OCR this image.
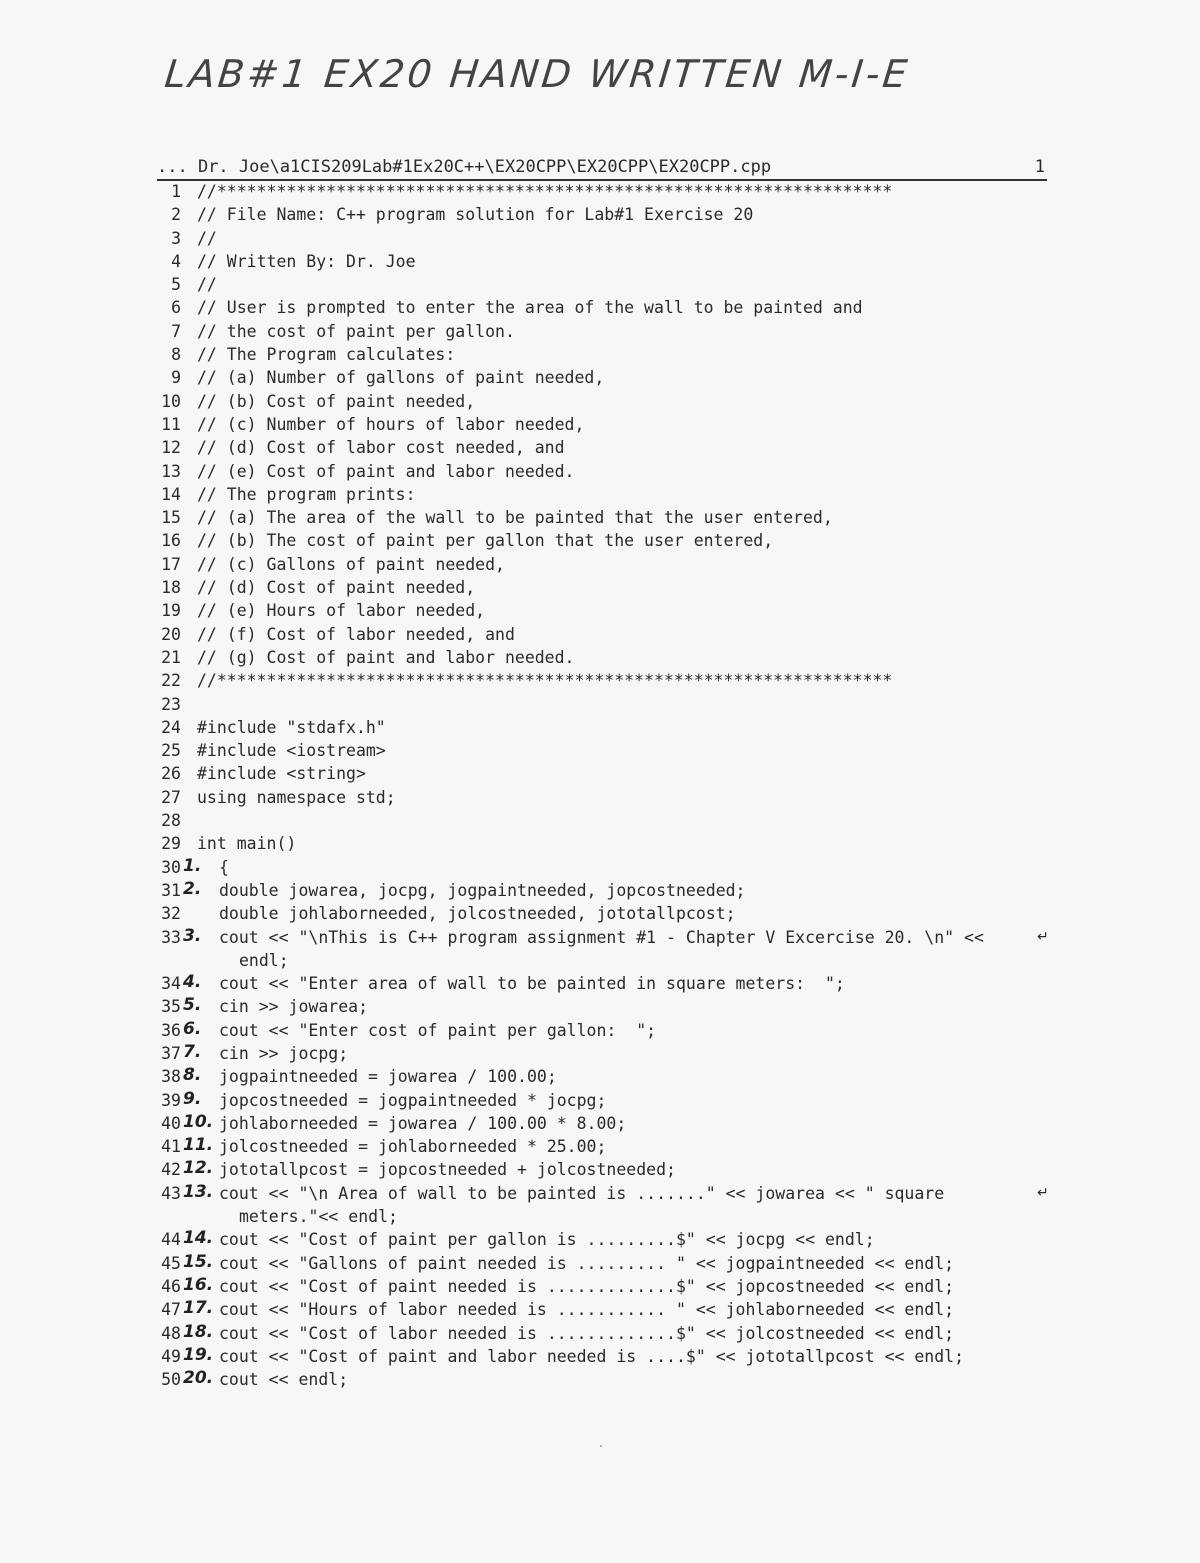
LAB#1 EX20 HAND WRITTEN M-I-E
... Dr. Joe\a1CIS209Lab#1Ex20C++\EX20CPP\EX20CPP\EX20CPP.cpp	1
1 //********************************************************************
2 // File Name: C++ program solution for Lab#1 Exercise 20
3 //
4 // Written By: Dr. Joe
5 //
6 // User is prompted to enter the area of the wall to be painted and
7 // the cost of paint per gallon.
8 // The Program calculates:
9 // (a) Number of gallons of paint needed,
10 // (b) Cost of paint needed,
11 // (c) Number of hours of labor needed,
12 // (d) Cost of labor cost needed, and
13 // (e) Cost of paint and labor needed.
14 // The program prints:
15 // (a) The area of the wall to be painted that the user entered,
16 // (b) The cost of paint per gallon that the user entered,
17 // (c) Gallons of paint needed,
18 // (d) Cost of paint needed,
19 // (e) Hours of labor needed,
20 // (f) Cost of labor needed, and
21 // (g) Cost of paint and labor needed.
22 //********************************************************************
23
24 #include "stdafx.h"
25 #include <iostream>
26 #include <string>
27 using namespace std;
28
29 int main()
30 1. {
31 2. double jowarea, jocpg, jogpaintneeded, jopcostneeded;
32 double johlaborneeded, jolcostneeded, jototallpcost;
33 3. cout << "\nThis is C++ program assignment #1 - Chapter V Excercise 20. \n" <<
endl;
↵
34 4. cout << "Enter area of wall to be painted in square meters:  ";
35 5. cin >> jowarea;
36 6. cout << "Enter cost of paint per gallon:  ";
37 7. cin >> jocpg;
38 8. jogpaintneeded = jowarea / 100.00;
39 9. jopcostneeded = jogpaintneeded * jocpg;
40 10. johlaborneeded = jowarea / 100.00 * 8.00;
41 11. jolcostneeded = johlaborneeded * 25.00;
42 12. jototallpcost = jopcostneeded + jolcostneeded;
43 13. cout << "\n Area of wall to be painted is ......." << jowarea << " square
meters."<< endl;
↵
44 14. cout << "Cost of paint per gallon is .........$" << jocpg << endl;
45 15. cout << "Gallons of paint needed is ......... " << jogpaintneeded << endl;
46 16. cout << "Cost of paint needed is .............$" << jopcostneeded << endl;
47 17. cout << "Hours of labor needed is ........... " << johlaborneeded << endl;
48 18. cout << "Cost of labor needed is .............$" << jolcostneeded << endl;
49 19. cout << "Cost of paint and labor needed is ....$" << jototallpcost << endl;
50 20. cout << endl;
